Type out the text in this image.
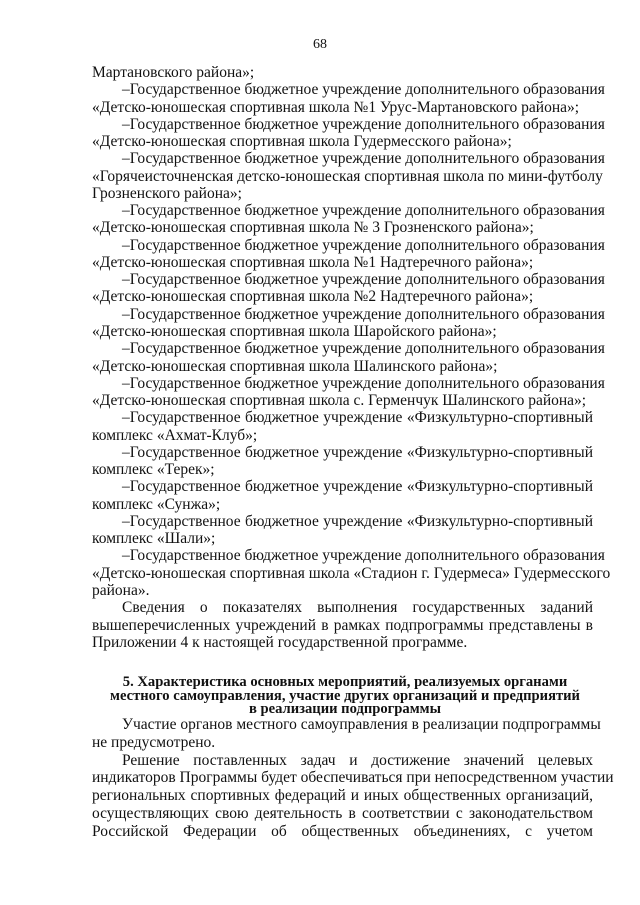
68
Мартановского района»;
–Государственное бюджетное учреждение дополнительного образования
«Детско-юношеская спортивная школа №1 Урус-Мартановского района»;
–Государственное бюджетное учреждение дополнительного образования
«Детско-юношеская спортивная школа Гудермесского района»;
–Государственное бюджетное учреждение дополнительного образования
«Горячеисточненская детско-юношеская спортивная школа по мини-футболу
Грозненского района»;
–Государственное бюджетное учреждение дополнительного образования
«Детско-юношеская спортивная школа № 3 Грозненского района»;
–Государственное бюджетное учреждение дополнительного образования
«Детско-юношеская спортивная школа №1 Надтеречного района»;
–Государственное бюджетное учреждение дополнительного образования
«Детско-юношеская спортивная школа №2 Надтеречного района»;
–Государственное бюджетное учреждение дополнительного образования
«Детско-юношеская спортивная школа Шаройского района»;
–Государственное бюджетное учреждение дополнительного образования
«Детско-юношеская спортивная школа Шалинского района»;
–Государственное бюджетное учреждение дополнительного образования
«Детско-юношеская спортивная школа с. Герменчук Шалинского района»;
–Государственное бюджетное учреждение «Физкультурно-спортивный
комплекс «Ахмат-Клуб»;
–Государственное бюджетное учреждение «Физкультурно-спортивный
комплекс «Терек»;
–Государственное бюджетное учреждение «Физкультурно-спортивный
комплекс «Сунжа»;
–Государственное бюджетное учреждение «Физкультурно-спортивный
комплекс «Шали»;
–Государственное бюджетное учреждение дополнительного образования
«Детско-юношеская спортивная школа «Стадион г. Гудермеса» Гудермесского
района».
Сведения о показателях выполнения государственных заданий
вышеперечисленных учреждений в рамках подпрограммы представлены в
Приложении 4 к настоящей государственной программе.
5. Характеристика основных мероприятий, реализуемых органами
местного самоуправления, участие других организаций и предприятий
в реализации подпрограммы
Участие органов местного самоуправления в реализации подпрограммы
не предусмотрено.
Решение поставленных задач и достижение значений целевых
индикаторов Программы будет обеспечиваться при непосредственном участии
региональных спортивных федераций и иных общественных организаций,
осуществляющих свою деятельность в соответствии с законодательством
Российской Федерации об общественных объединениях, с учетом
